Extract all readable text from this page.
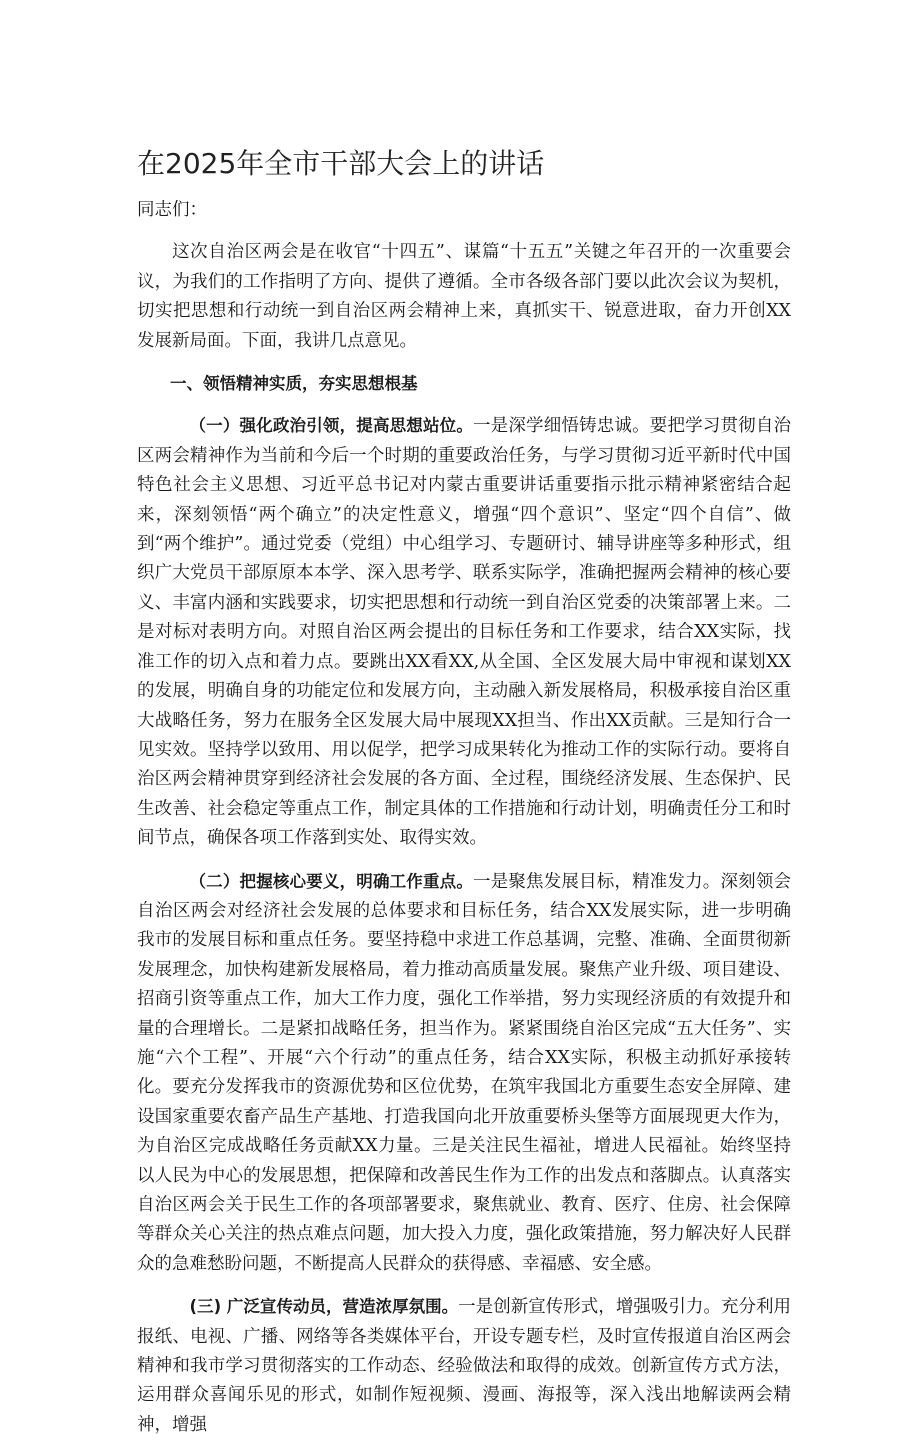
在2025年全市干部大会上的讲话

同志们：

这次自治区两会是在收官“十四五”、谋篇“十五五”关键之年召开的一次重要会议，为我们的工作指明了方向、提供了遵循。全市各级各部门要以此次会议为契机，切实把思想和行动统一到自治区两会精神上来，真抓实干、锐意进取，奋力开创XX发展新局面。下面，我讲几点意见。

一、领悟精神实质，夯实思想根基

（一）强化政治引领，提高思想站位。一是深学细悟铸忠诚。要把学习贯彻自治区两会精神作为当前和今后一个时期的重要政治任务，与学习贯彻习近平新时代中国特色社会主义思想、习近平总书记对内蒙古重要讲话重要指示批示精神紧密结合起来，深刻领悟“两个确立”的决定性意义，增强“四个意识”、坚定“四个自信”、做到“两个维护”。通过党委（党组）中心组学习、专题研讨、辅导讲座等多种形式，组织广大党员干部原原本本学、深入思考学、联系实际学，准确把握两会精神的核心要义、丰富内涵和实践要求，切实把思想和行动统一到自治区党委的决策部署上来。二是对标对表明方向。对照自治区两会提出的目标任务和工作要求，结合XX实际，找准工作的切入点和着力点。要跳出XX看XX,从全国、全区发展大局中审视和谋划XX的发展，明确自身的功能定位和发展方向，主动融入新发展格局，积极承接自治区重大战略任务，努力在服务全区发展大局中展现XX担当、作出XX贡献。三是知行合一见实效。坚持学以致用、用以促学，把学习成果转化为推动工作的实际行动。要将自治区两会精神贯穿到经济社会发展的各方面、全过程，围绕经济发展、生态保护、民生改善、社会稳定等重点工作，制定具体的工作措施和行动计划，明确责任分工和时间节点，确保各项工作落到实处、取得实效。

（二）把握核心要义，明确工作重点。一是聚焦发展目标，精准发力。深刻领会自治区两会对经济社会发展的总体要求和目标任务，结合XX发展实际，进一步明确我市的发展目标和重点任务。要坚持稳中求进工作总基调，完整、准确、全面贯彻新发展理念，加快构建新发展格局，着力推动高质量发展。聚焦产业升级、项目建设、招商引资等重点工作，加大工作力度，强化工作举措，努力实现经济质的有效提升和量的合理增长。二是紧扣战略任务，担当作为。紧紧围绕自治区完成“五大任务”、实施“六个工程”、开展“六个行动”的重点任务，结合XX实际，积极主动抓好承接转化。要充分发挥我市的资源优势和区位优势，在筑牢我国北方重要生态安全屏障、建设国家重要农畜产品生产基地、打造我国向北开放重要桥头堡等方面展现更大作为，为自治区完成战略任务贡献XX力量。三是关注民生福祉，增进人民福祉。始终坚持以人民为中心的发展思想，把保障和改善民生作为工作的出发点和落脚点。认真落实自治区两会关于民生工作的各项部署要求，聚焦就业、教育、医疗、住房、社会保障等群众关心关注的热点难点问题，加大投入力度，强化政策措施，努力解决好人民群众的急难愁盼问题，不断提高人民群众的获得感、幸福感、安全感。

(三) 广泛宣传动员，营造浓厚氛围。一是创新宣传形式，增强吸引力。充分利用报纸、电视、广播、网络等各类媒体平台，开设专题专栏，及时宣传报道自治区两会精神和我市学习贯彻落实的工作动态、经验做法和取得的成效。创新宣传方式方法，运用群众喜闻乐见的形式，如制作短视频、漫画、海报等，深入浅出地解读两会精神，增强
